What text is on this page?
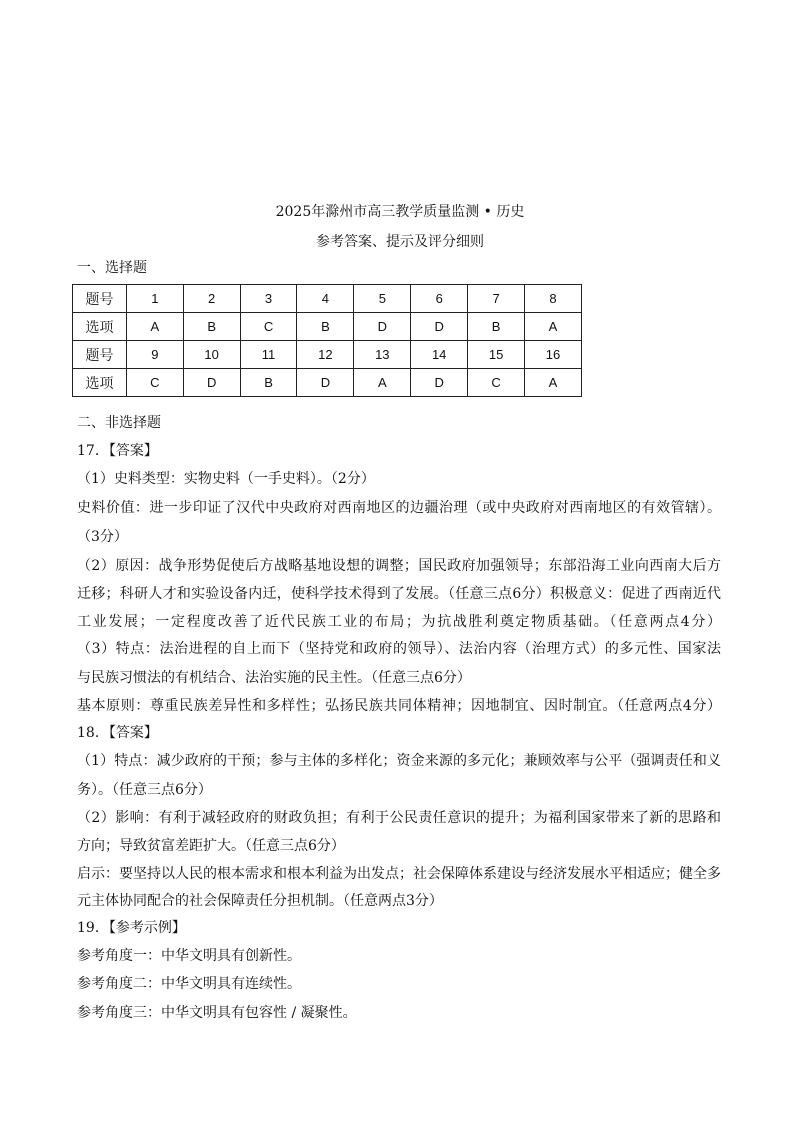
2025年滁州市高三教学质量监测 • 历史
参考答案、提示及评分细则
一、选择题
题号	1	2	3	4	5	6	7	8
选项	A	B	C	B	D	D	B	A
题号	9	10	11	12	13	14	15	16
选项	C	D	B	D	A	D	C	A
二、非选择题
17．【答案】
（1）史料类型：实物史料（一手史料）。（2分）
史料价值：进一步印证了汉代中央政府对西南地区的边疆治理（或中央政府对西南地区的有效管辖）。
（3分）
（2）原因：战争形势促使后方战略基地设想的调整；国民政府加强领导；东部沿海工业向西南大后方
迁移；科研人才和实验设备内迁，使科学技术得到了发展。（任意三点6分）积极意义：促进了西南近代
工业发展；一定程度改善了近代民族工业的布局；为抗战胜利奠定物质基础。（任意两点4分）
（3）特点：法治进程的自上而下（坚持党和政府的领导）、法治内容（治理方式）的多元性、国家法
与民族习惯法的有机结合、法治实施的民主性。（任意三点6分）
基本原则：尊重民族差异性和多样性；弘扬民族共同体精神；因地制宜、因时制宜。（任意两点4分）
18．【答案】
（1）特点：减少政府的干预；参与主体的多样化；资金来源的多元化；兼顾效率与公平（强调责任和义
务）。（任意三点6分）
（2）影响：有利于减轻政府的财政负担；有利于公民责任意识的提升；为福利国家带来了新的思路和
方向；导致贫富差距扩大。（任意三点6分）
启示：要坚持以人民的根本需求和根本利益为出发点；社会保障体系建设与经济发展水平相适应；健全多
元主体协同配合的社会保障责任分担机制。（任意两点3分）
19．【参考示例】
参考角度一：中华文明具有创新性。
参考角度二：中华文明具有连续性。
参考角度三：中华文明具有包容性 / 凝聚性。
